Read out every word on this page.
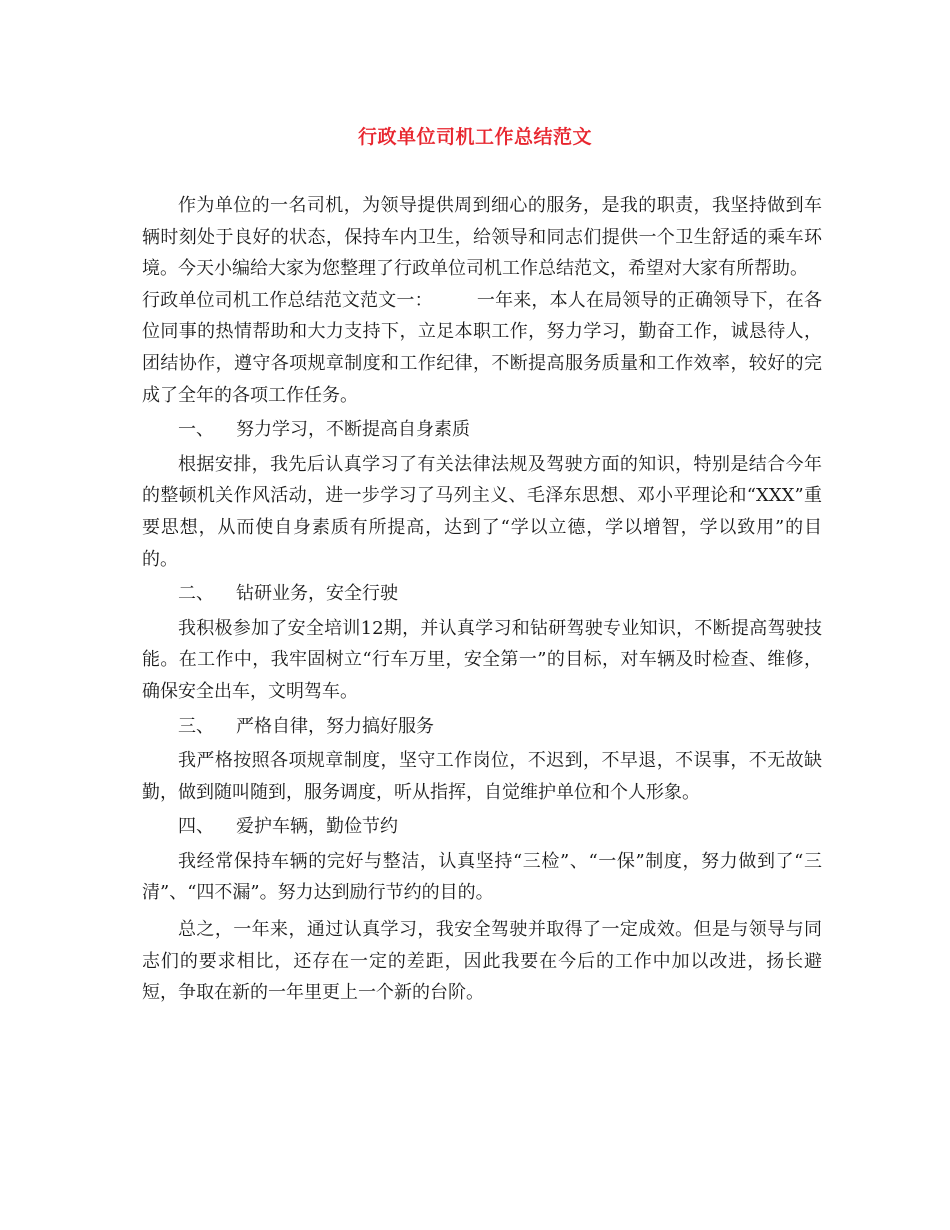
行政单位司机工作总结范文

作为单位的一名司机，为领导提供周到细心的服务，是我的职责，我坚持做到车辆时刻处于良好的状态，保持车内卫生，给领导和同志们提供一个卫生舒适的乘车环境。今天小编给大家为您整理了行政单位司机工作总结范文，希望对大家有所帮助。

行政单位司机工作总结范文范文一： 一年来，本人在局领导的正确领导下，在各位同事的热情帮助和大力支持下，立足本职工作，努力学习，勤奋工作，诚恳待人，团结协作，遵守各项规章制度和工作纪律，不断提高服务质量和工作效率，较好的完成了全年的各项工作任务。

一、 努力学习，不断提高自身素质

根据安排，我先后认真学习了有关法律法规及驾驶方面的知识，特别是结合今年的整顿机关作风活动，进一步学习了马列主义、毛泽东思想、邓小平理论和“XXX”重要思想，从而使自身素质有所提高，达到了“学以立德，学以增智，学以致用”的目的。

二、 钻研业务，安全行驶

我积极参加了安全培训12期，并认真学习和钻研驾驶专业知识，不断提高驾驶技能。在工作中，我牢固树立“行车万里，安全第一”的目标，对车辆及时检查、维修，确保安全出车，文明驾车。

三、 严格自律，努力搞好服务

我严格按照各项规章制度，坚守工作岗位，不迟到，不早退，不误事，不无故缺勤，做到随叫随到，服务调度，听从指挥，自觉维护单位和个人形象。

四、 爱护车辆，勤俭节约

我经常保持车辆的完好与整洁，认真坚持“三检”、“一保”制度，努力做到了“三清”、“四不漏”。努力达到励行节约的目的。

总之，一年来，通过认真学习，我安全驾驶并取得了一定成效。但是与领导与同志们的要求相比，还存在一定的差距，因此我要在今后的工作中加以改进，扬长避短，争取在新的一年里更上一个新的台阶。
